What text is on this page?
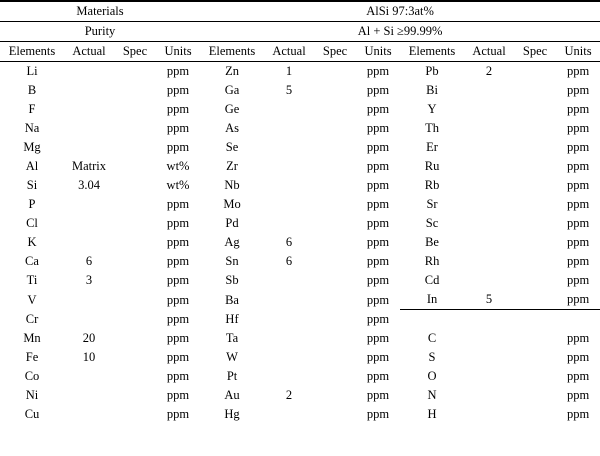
Materials				AlSi 97:3at%							
Purity				Al + Si ≥99.99%							
Elements	Actual	Spec	Units	Elements	Actual	Spec	Units	Elements	Actual	Spec	Units
Li			ppm	Zn	1		ppm	Pb	2		ppm
B			ppm	Ga	5		ppm	Bi			ppm
F			ppm	Ge			ppm	Y			ppm
Na			ppm	As			ppm	Th			ppm
Mg			ppm	Se			ppm	Er			ppm
Al	Matrix		wt%	Zr			ppm	Ru			ppm
Si	3.04		wt%	Nb			ppm	Rb			ppm
P			ppm	Mo			ppm	Sr			ppm
Cl			ppm	Pd			ppm	Sc			ppm
K			ppm	Ag	6		ppm	Be			ppm
Ca	6		ppm	Sn	6		ppm	Rh			ppm
Ti	3		ppm	Sb			ppm	Cd			ppm
V			ppm	Ba			ppm	In	5		ppm
Cr			ppm	Hf			ppm				
Mn	20		ppm	Ta			ppm	C			ppm
Fe	10		ppm	W			ppm	S			ppm
Co			ppm	Pt			ppm	O			ppm
Ni			ppm	Au	2		ppm	N			ppm
Cu			ppm	Hg			ppm	H			ppm
